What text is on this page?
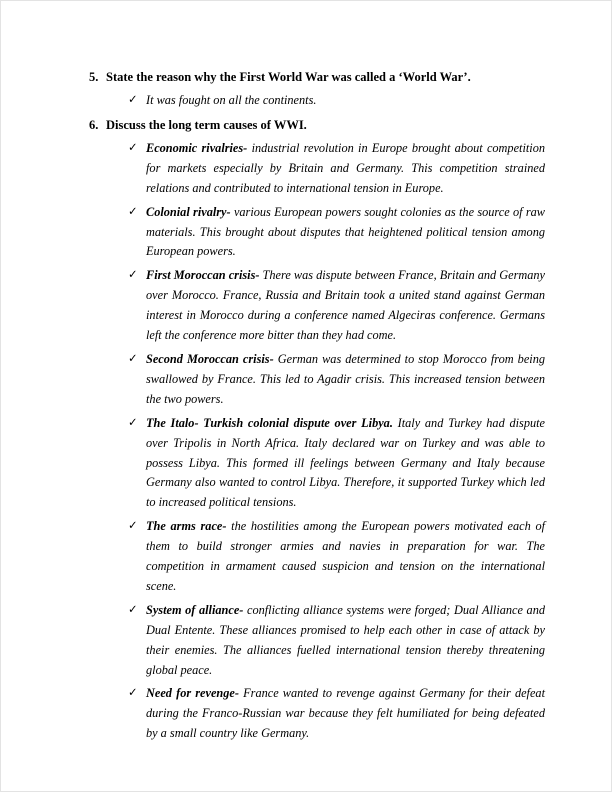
5. State the reason why the First World War was called a ‘World War’.
✓ It was fought on all the continents.
6. Discuss the long term causes of WWI.
✓ Economic rivalries- industrial revolution in Europe brought about competition for markets especially by Britain and Germany. This competition strained relations and contributed to international tension in Europe.
✓ Colonial rivalry- various European powers sought colonies as the source of raw materials. This brought about disputes that heightened political tension among European powers.
✓ First Moroccan crisis- There was dispute between France, Britain and Germany over Morocco. France, Russia and Britain took a united stand against German interest in Morocco during a conference named Algeciras conference. Germans left the conference more bitter than they had come.
✓ Second Moroccan crisis- German was determined to stop Morocco from being swallowed by France. This led to Agadir crisis. This increased tension between the two powers.
✓ The Italo- Turkish colonial dispute over Libya. Italy and Turkey had dispute over Tripolis in North Africa. Italy declared war on Turkey and was able to possess Libya. This formed ill feelings between Germany and Italy because Germany also wanted to control Libya. Therefore, it supported Turkey which led to increased political tensions.
✓ The arms race- the hostilities among the European powers motivated each of them to build stronger armies and navies in preparation for war. The competition in armament caused suspicion and tension on the international scene.
✓ System of alliance- conflicting alliance systems were forged; Dual Alliance and Dual Entente. These alliances promised to help each other in case of attack by their enemies. The alliances fuelled international tension thereby threatening global peace.
✓ Need for revenge- France wanted to revenge against Germany for their defeat during the Franco-Russian war because they felt humiliated for being defeated by a small country like Germany.
